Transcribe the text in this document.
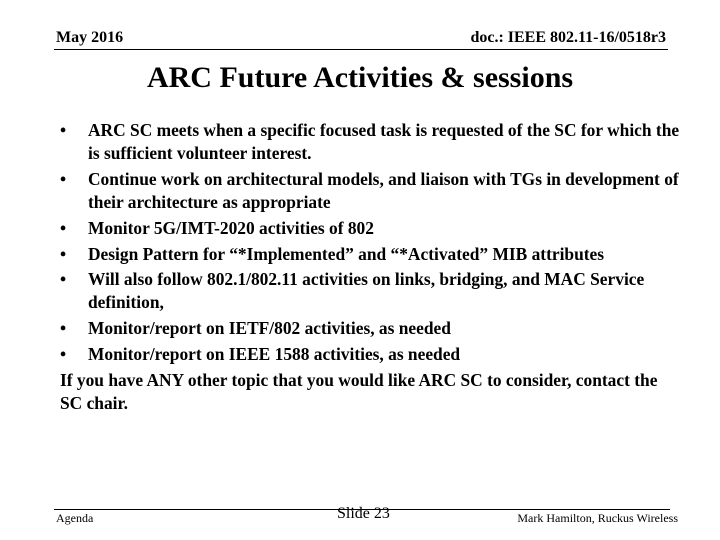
May 2016	doc.: IEEE 802.11-16/0518r3
ARC Future Activities & sessions
• ARC SC meets when a specific focused task is requested of the SC for which the is sufficient volunteer interest.
• Continue work on architectural models, and liaison with TGs in development of their architecture as appropriate
• Monitor 5G/IMT-2020 activities of 802
• Design Pattern for “*Implemented” and “*Activated” MIB attributes
• Will also follow 802.1/802.11 activities on links, bridging, and MAC Service definition,
• Monitor/report on IETF/802 activities, as needed
• Monitor/report on IEEE 1588 activities, as needed

If you have ANY other topic that you would like ARC SC to consider, contact the SC chair.

Agenda	Slide 23	Mark Hamilton, Ruckus Wireless
